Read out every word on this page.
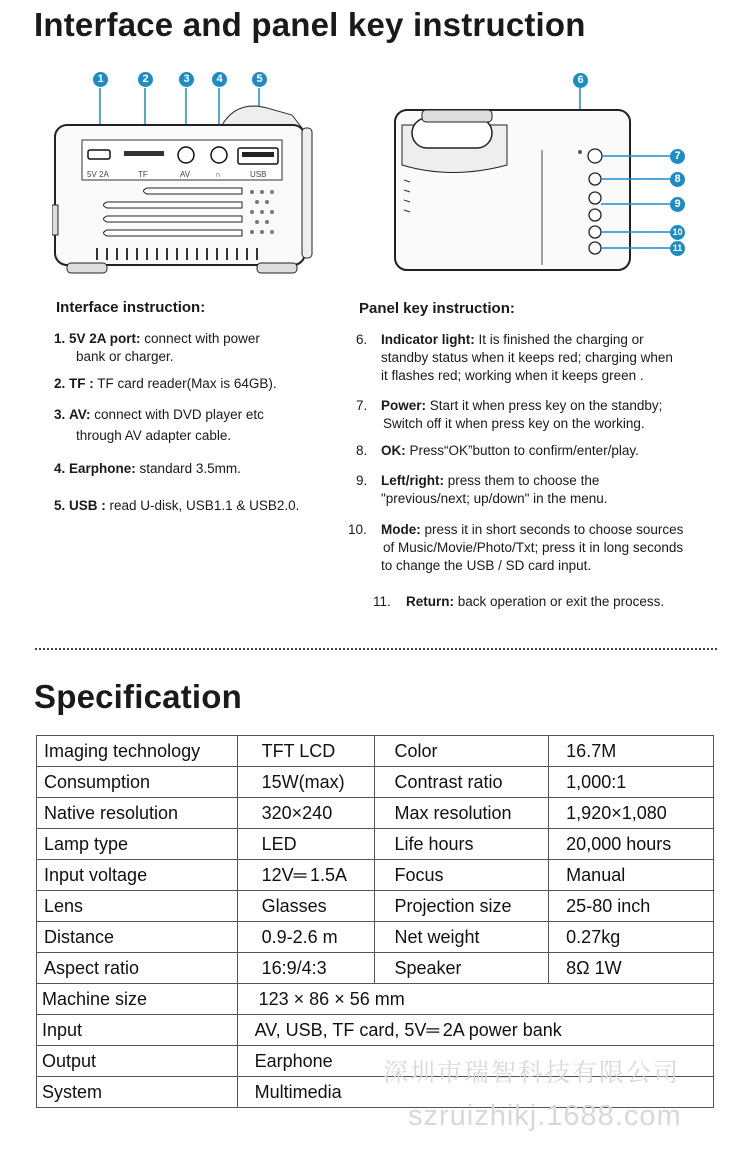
Interface and panel key instruction
1	2	3	4	5
5V 2A	TF	AV	∩	USB
6
7
8
9
10
11
Interface instruction:
1. 5V 2A port: connect with power
bank or charger.
2. TF : TF card reader(Max is 64GB).
3. AV: connect with DVD player etc
through AV adapter cable.
4. Earphone: standard 3.5mm.
5. USB : read U-disk, USB1.1 & USB2.0.
Panel key instruction:
6. Indicator light: It is finished the charging or
standby status when it keeps red; charging when
it flashes red; working when it keeps green .
7. Power: Start it when press key on the standby;
Switch off it when press key on the working.
8. OK: Press“OK”button to confirm/enter/play.
9. Left/right: press them to choose the
"previous/next; up/down" in the menu.
10. Mode: press it in short seconds to choose sources
of Music/Movie/Photo/Txt; press it in long seconds
to change the USB / SD card input.
11. Return: back operation or exit the process.
Specification
Imaging technology	TFT LCD	Color	16.7M
Consumption	15W(max)	Contrast ratio	1,000:1
Native resolution	320×240	Max resolution	1,920×1,080
Lamp type	LED	Life hours	20,000 hours
Input voltage	12V═ 1.5A	Focus	Manual
Lens	Glasses	Projection size	25-80 inch
Distance	0.9-2.6 m	Net weight	0.27kg
Aspect ratio	16:9/4:3	Speaker	8Ω 1W
Machine size	123 × 86 × 56 mm		
Input	AV, USB, TF card, 5V═ 2A power bank		
Output	Earphone		
System	Multimedia		
深圳市瑞智科技有限公司
szruizhikj.1688.com
